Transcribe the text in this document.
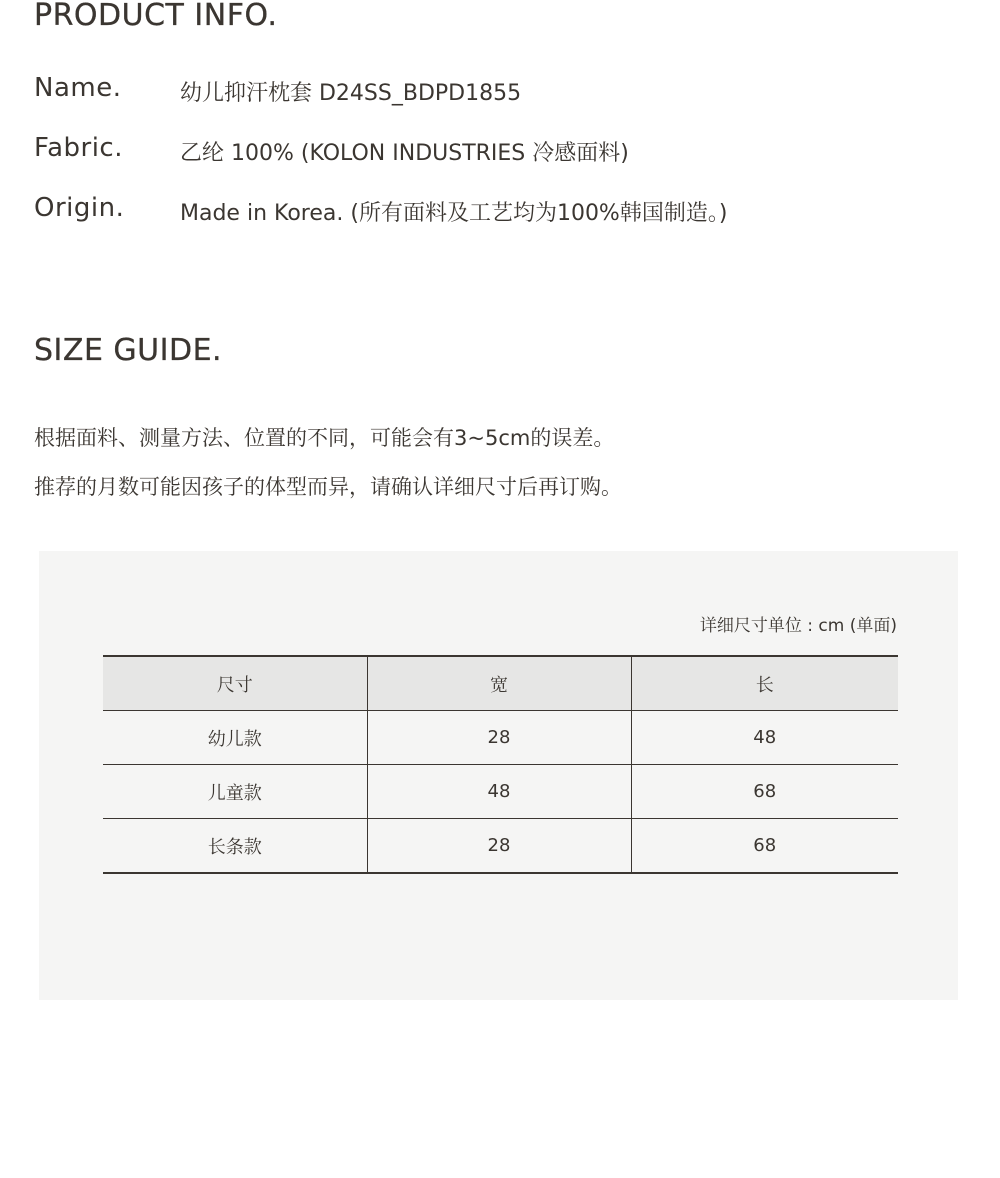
PRODUCT INFO.
Name.	幼儿抑汗枕套 D24SS_BDPD1855
Fabric.	乙纶 100% (KOLON INDUSTRIES 冷感面料)
Origin.	Made in Korea. (所有面料及工艺均为100%韩国制造。)
SIZE GUIDE.
根据面料、测量方法、位置的不同，可能会有3~5cm的误差。
推荐的月数可能因孩子的体型而异，请确认详细尺寸后再订购。
详细尺寸单位 : cm (单面)
尺寸	宽	长
幼儿款	28	48
儿童款	48	68
长条款	28	68
